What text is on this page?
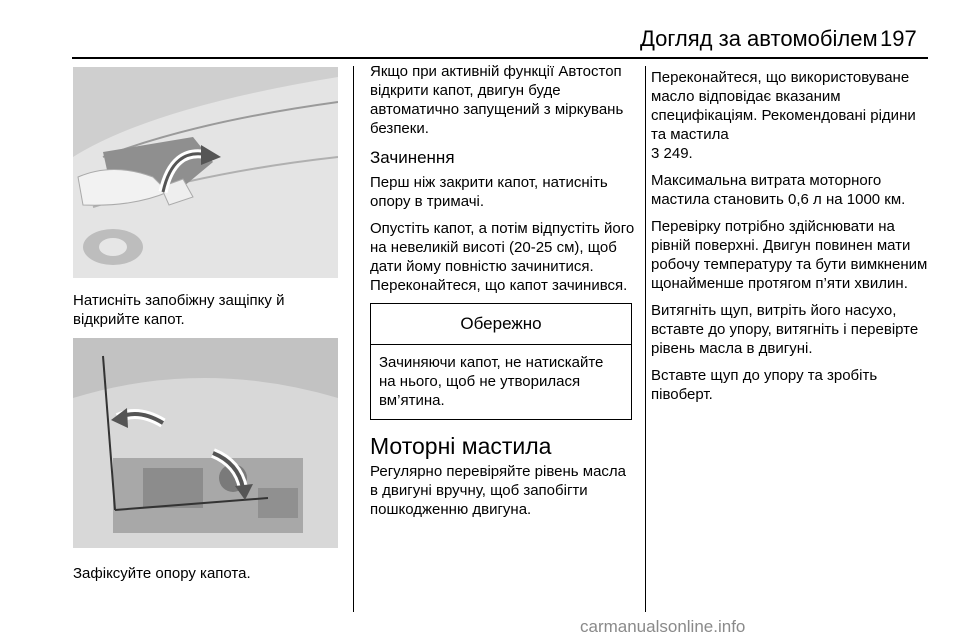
Догляд за автомобілем 197
Натисніть запобіжну защіпку й відкрийте капот.
Зафіксуйте опору капота.

Якщо при активній функції Автостоп відкрити капот, двигун буде автоматично запущений з міркувань безпеки.

Зачинення

Перш ніж закрити капот, натисніть опору в тримачі.

Опустіть капот, а потім відпустіть його на невеликій висоті (20-25 см), щоб дати йому повністю зачинитися. Переконайтеся, що капот зачинився.

Обережно
Зачиняючи капот, не натискайте на нього, щоб не утворилася вм’ятина.
Моторні мастила

Регулярно перевіряйте рівень масла в двигуні вручну, щоб запобігти пошкодженню двигуна.

Переконайтеся, що використовуване масло відповідає вказаним специфікаціям. Рекомендовані рідини та мастила
3 249.

Максимальна витрата моторного мастила становить 0,6 л на 1000 км.

Перевірку потрібно здійснювати на рівній поверхні. Двигун повинен мати робочу температуру та бути вимкненим щонайменше протягом п’яти хвилин.

Витягніть щуп, витріть його насухо, вставте до упору, витягніть і перевірте рівень масла в двигуні.

Вставте щуп до упору та зробіть півоберт.

carmanualsonline.info
